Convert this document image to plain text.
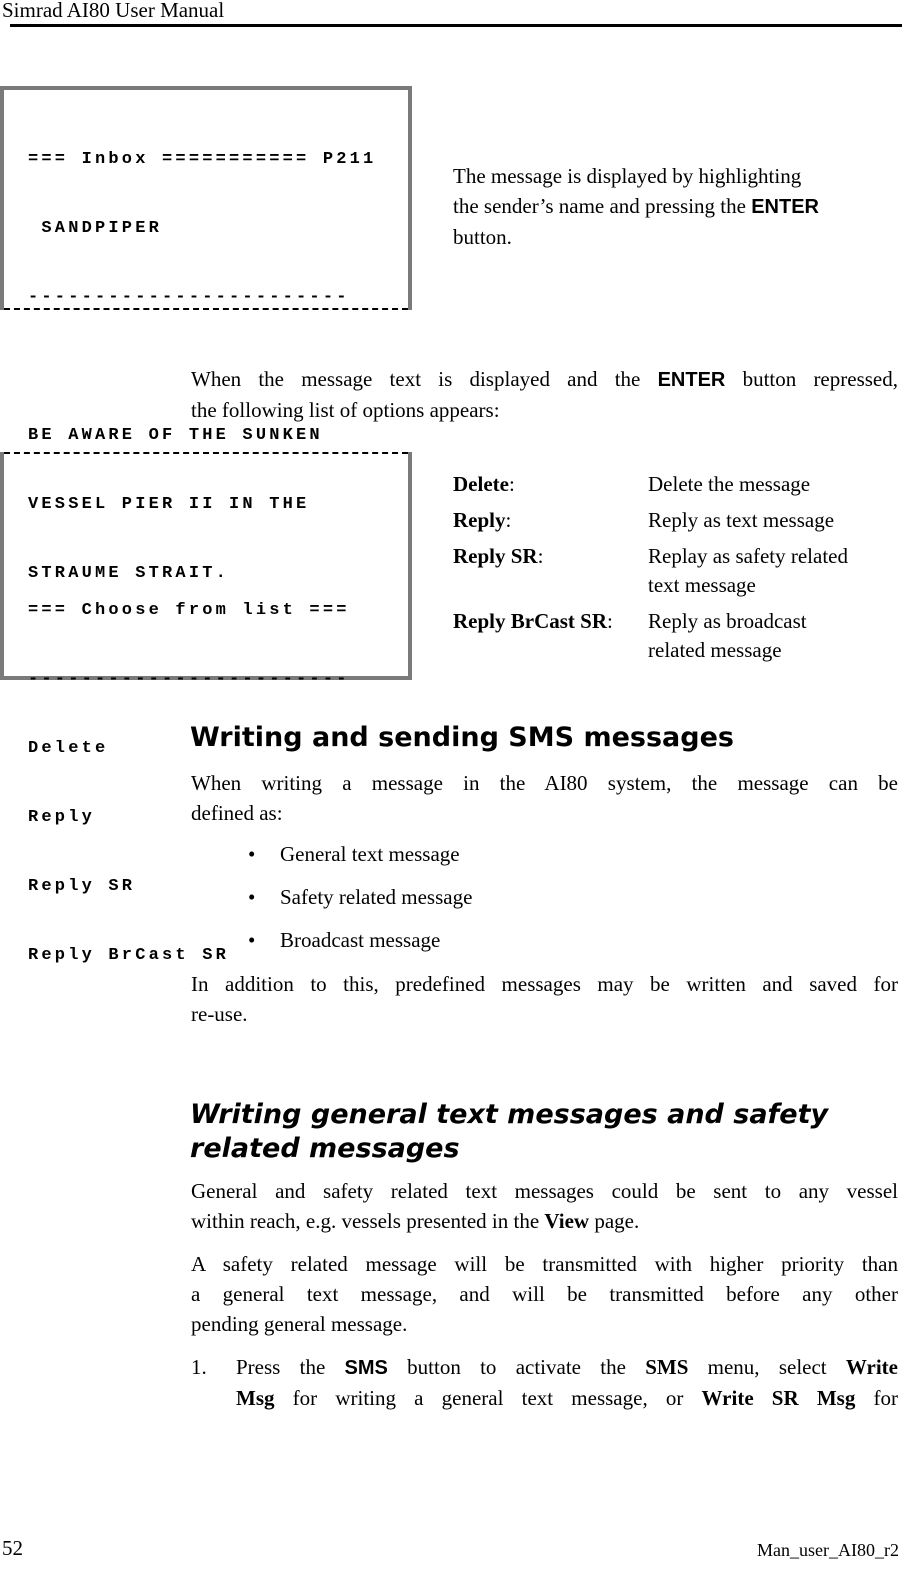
Simrad AI80 User Manual

=== Inbox =========== P211

SANDPIPER

------------------------

BE AWARE OF THE SUNKEN

VESSEL PIER II IN THE

STRAUME STRAIT.

The message is displayed by highlighting
the sender’s name and pressing the ENTER
button.
When the message text is displayed and the ENTER button repressed,
the following list of options appears:

=== Choose from list ===

------------------------

Delete

Reply

Reply SR

Reply BrCast SR

Delete:	Delete the message
Reply:	Reply as text message
Reply SR:	Replay as safety related
text message
Reply BrCast SR: Reply as broadcast
related message
Writing and sending SMS messages
When writing a message in the AI80 system, the message can be
defined as:
• General text message
• Safety related message
• Broadcast message
In addition to this, predefined messages may be written and saved for
re-use.
Writing general text messages and safety
related messages
General and safety related text messages could be sent to any vessel
within reach, e.g. vessels presented in the View page.
A safety related message will be transmitted with higher priority than
a general text message, and will be transmitted before any other
pending general message.
1. Press the SMS button to activate the SMS menu, select Write
Msg for writing a general text message, or Write SR Msg for
52	Man_user_AI80_r2
